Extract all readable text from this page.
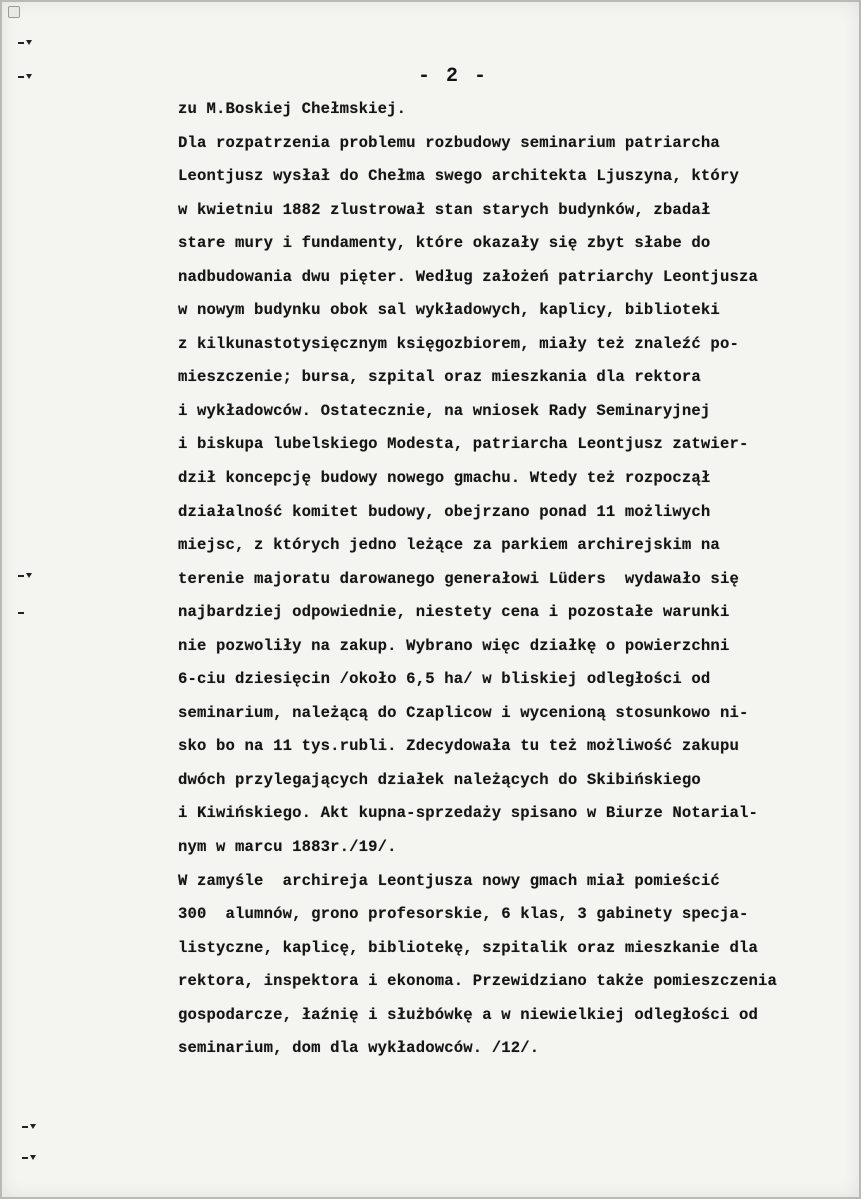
- 2 -
zu M.Boskiej Chełmskiej.
Dla rozpatrzenia problemu rozbudowy seminarium patriarcha
Leontjusz wysłał do Chełma swego architekta Ljuszyna, który
w kwietniu 1882 zlustrował stan starych budynków, zbadał
stare mury i fundamenty, które okazały się zbyt słabe do
nadbudowania dwu pięter. Według założeń patriarchy Leontjusza
w nowym budynku obok sal wykładowych, kaplicy, biblioteki
z kilkunastotysięcznym księgozbiorem, miały też znaleźć po-
mieszczenie; bursa, szpital oraz mieszkania dla rektora
i wykładowców. Ostatecznie, na wniosek Rady Seminaryjnej
i biskupa lubelskiego Modesta, patriarcha Leontjusz zatwier-
dził koncepcję budowy nowego gmachu. Wtedy też rozpoczął
działalność komitet budowy, obejrzano ponad 11 możliwych
miejsc, z których jedno leżące za parkiem archirejskim na
terenie majoratu darowanego generałowi Lüders  wydawało się
najbardziej odpowiednie, niestety cena i pozostałe warunki
nie pozwoliły na zakup. Wybrano więc działkę o powierzchni
6-ciu dziesięcin /około 6,5 ha/ w bliskiej odległości od
seminarium, należącą do Czaplicow i wycenioną stosunkowo ni-
sko bo na 11 tys.rubli. Zdecydowała tu też możliwość zakupu
dwóch przylegających działek należących do Skibińskiego
i Kiwińskiego. Akt kupna-sprzedaży spisano w Biurze Notarial-
nym w marcu 1883r./19/.
W zamyśle  archireja Leontjusza nowy gmach miał pomieścić
300  alumnów, grono profesorskie, 6 klas, 3 gabinety specja-
listyczne, kaplicę, bibliotekę, szpitalik oraz mieszkanie dla
rektora, inspektora i ekonoma. Przewidziano także pomieszczenia
gospodarcze, łaźnię i służbówkę a w niewielkiej odległości od
seminarium, dom dla wykładowców. /12/.
